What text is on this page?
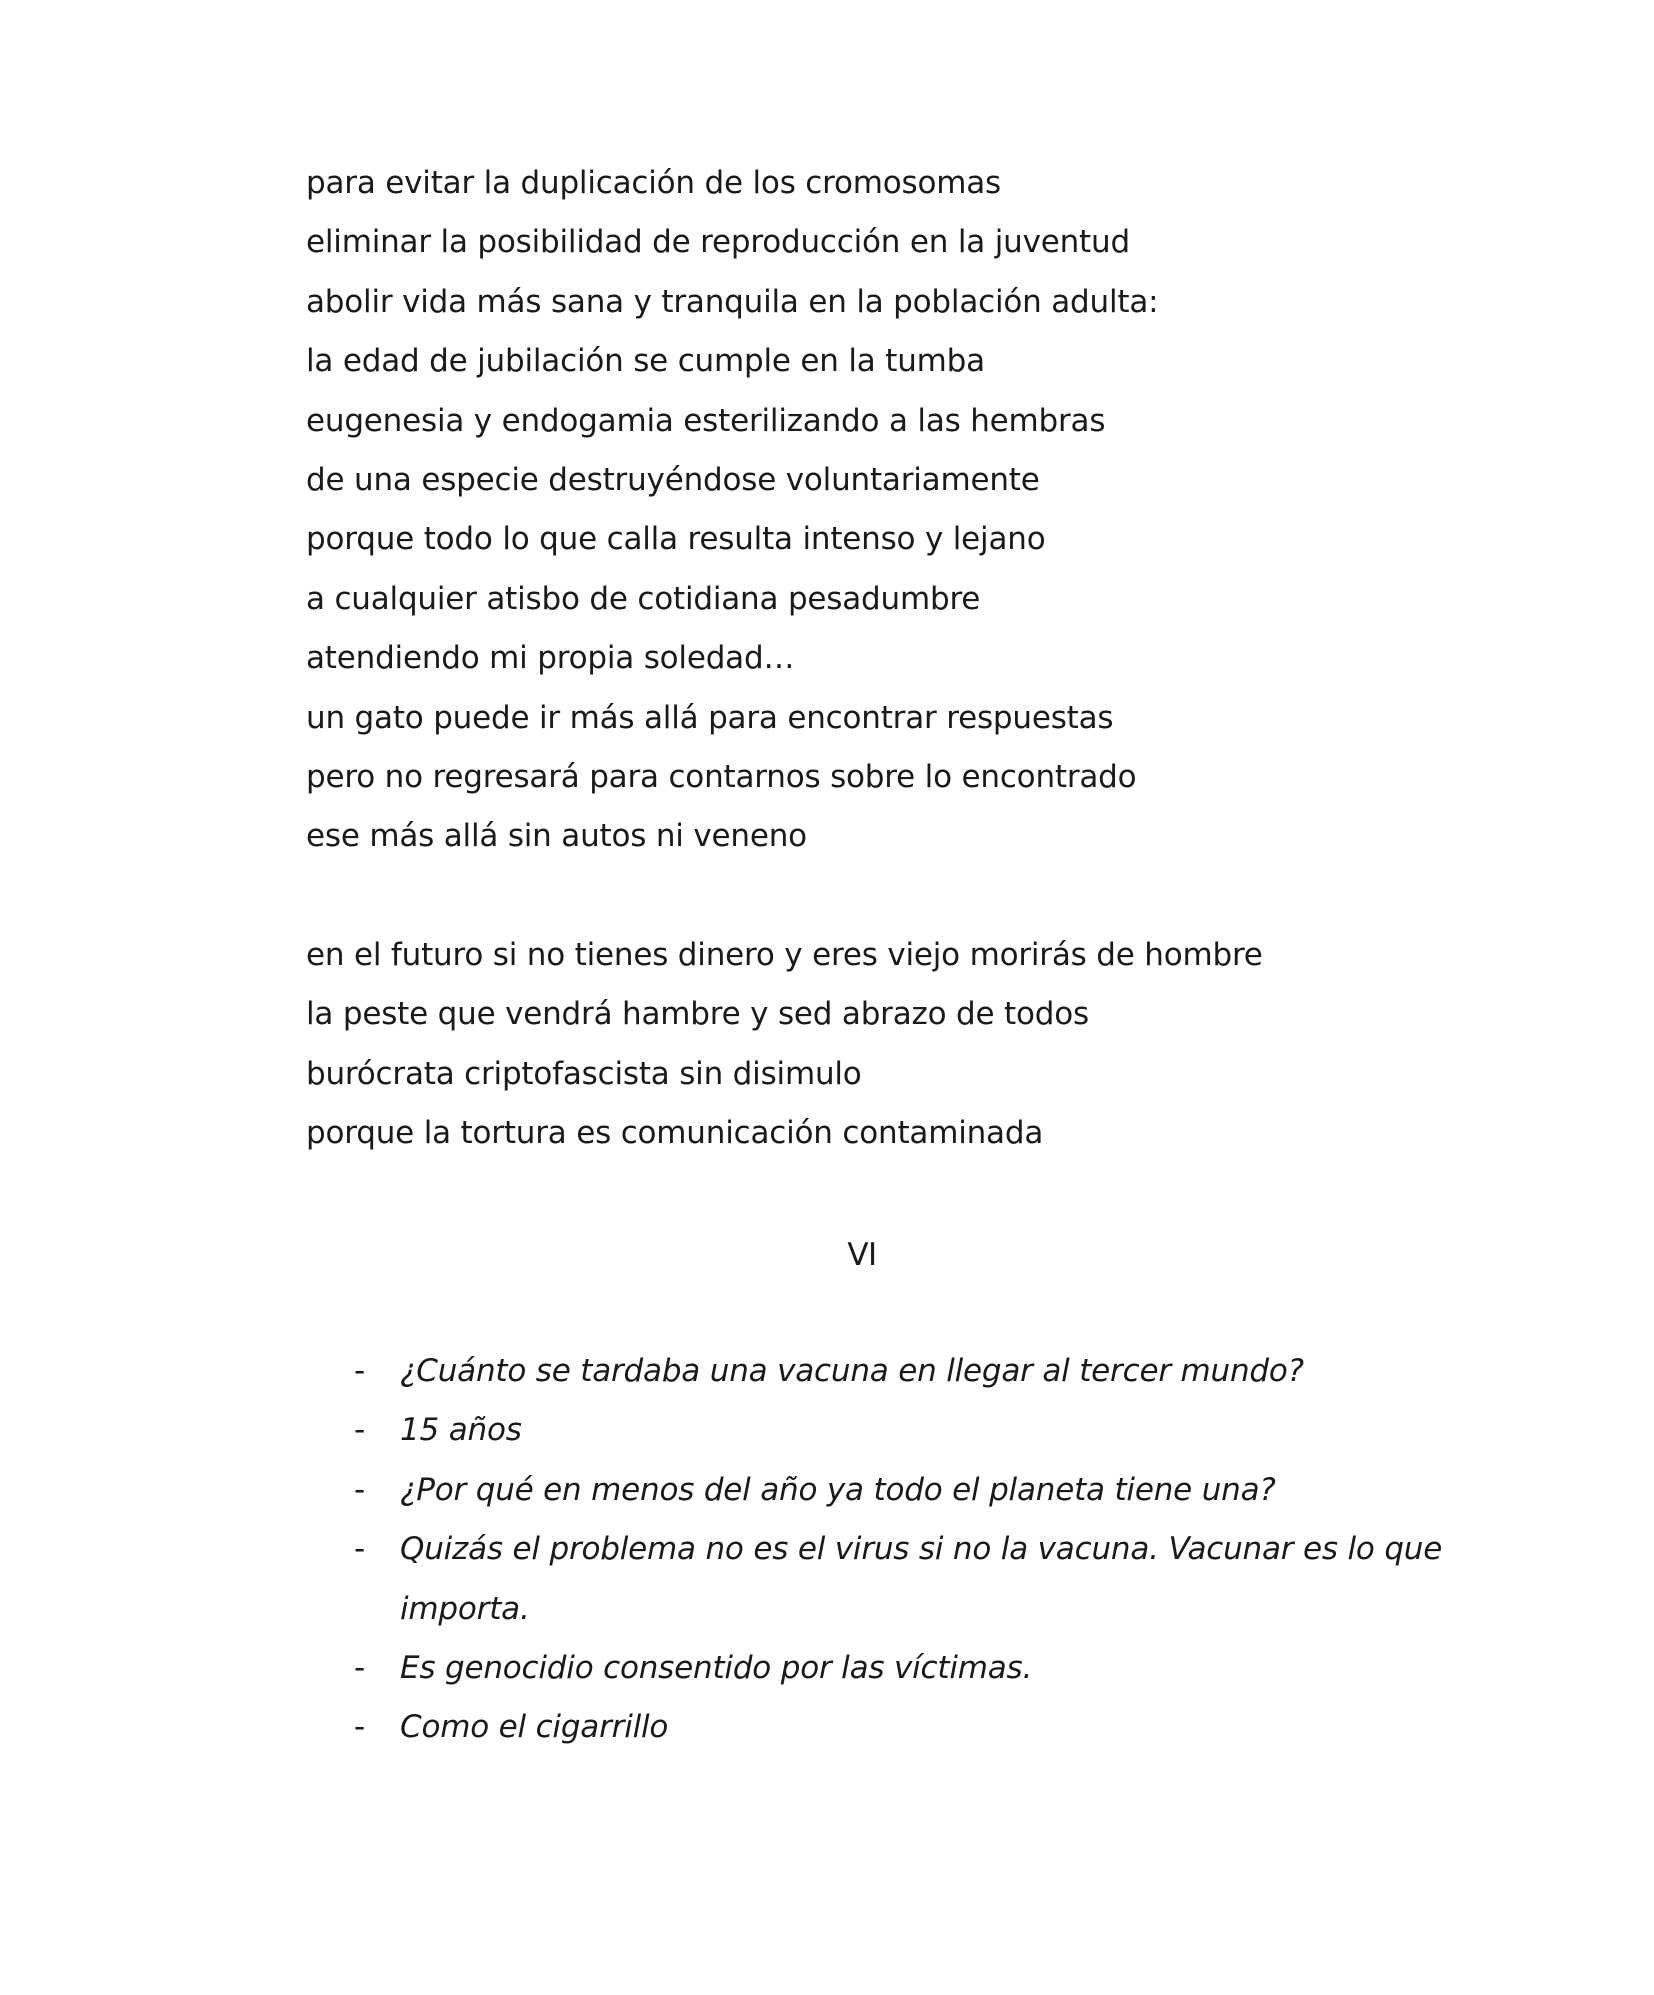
para evitar la duplicación de los cromosomas
eliminar la posibilidad de reproducción en la juventud
abolir vida más sana y tranquila en la población adulta:
la edad de jubilación se cumple en la tumba
eugenesia y endogamia esterilizando a las hembras
de una especie destruyéndose voluntariamente
porque todo lo que calla resulta intenso y lejano
a cualquier atisbo de cotidiana pesadumbre
atendiendo mi propia soledad…
un gato puede ir más allá para encontrar respuestas
pero no regresará para contarnos sobre lo encontrado
ese más allá sin autos ni veneno
en el futuro si no tienes dinero y eres viejo morirás de hombre
la peste que vendrá hambre y sed abrazo de todos
burócrata criptofascista sin disimulo
porque la tortura es comunicación contaminada
VI
- ¿Cuánto se tardaba una vacuna en llegar al tercer mundo?
- 15 años
- ¿Por qué en menos del año ya todo el planeta tiene una?
- Quizás el problema no es el virus si no la vacuna. Vacunar es lo que importa.
- Es genocidio consentido por las víctimas.
- Como el cigarrillo
